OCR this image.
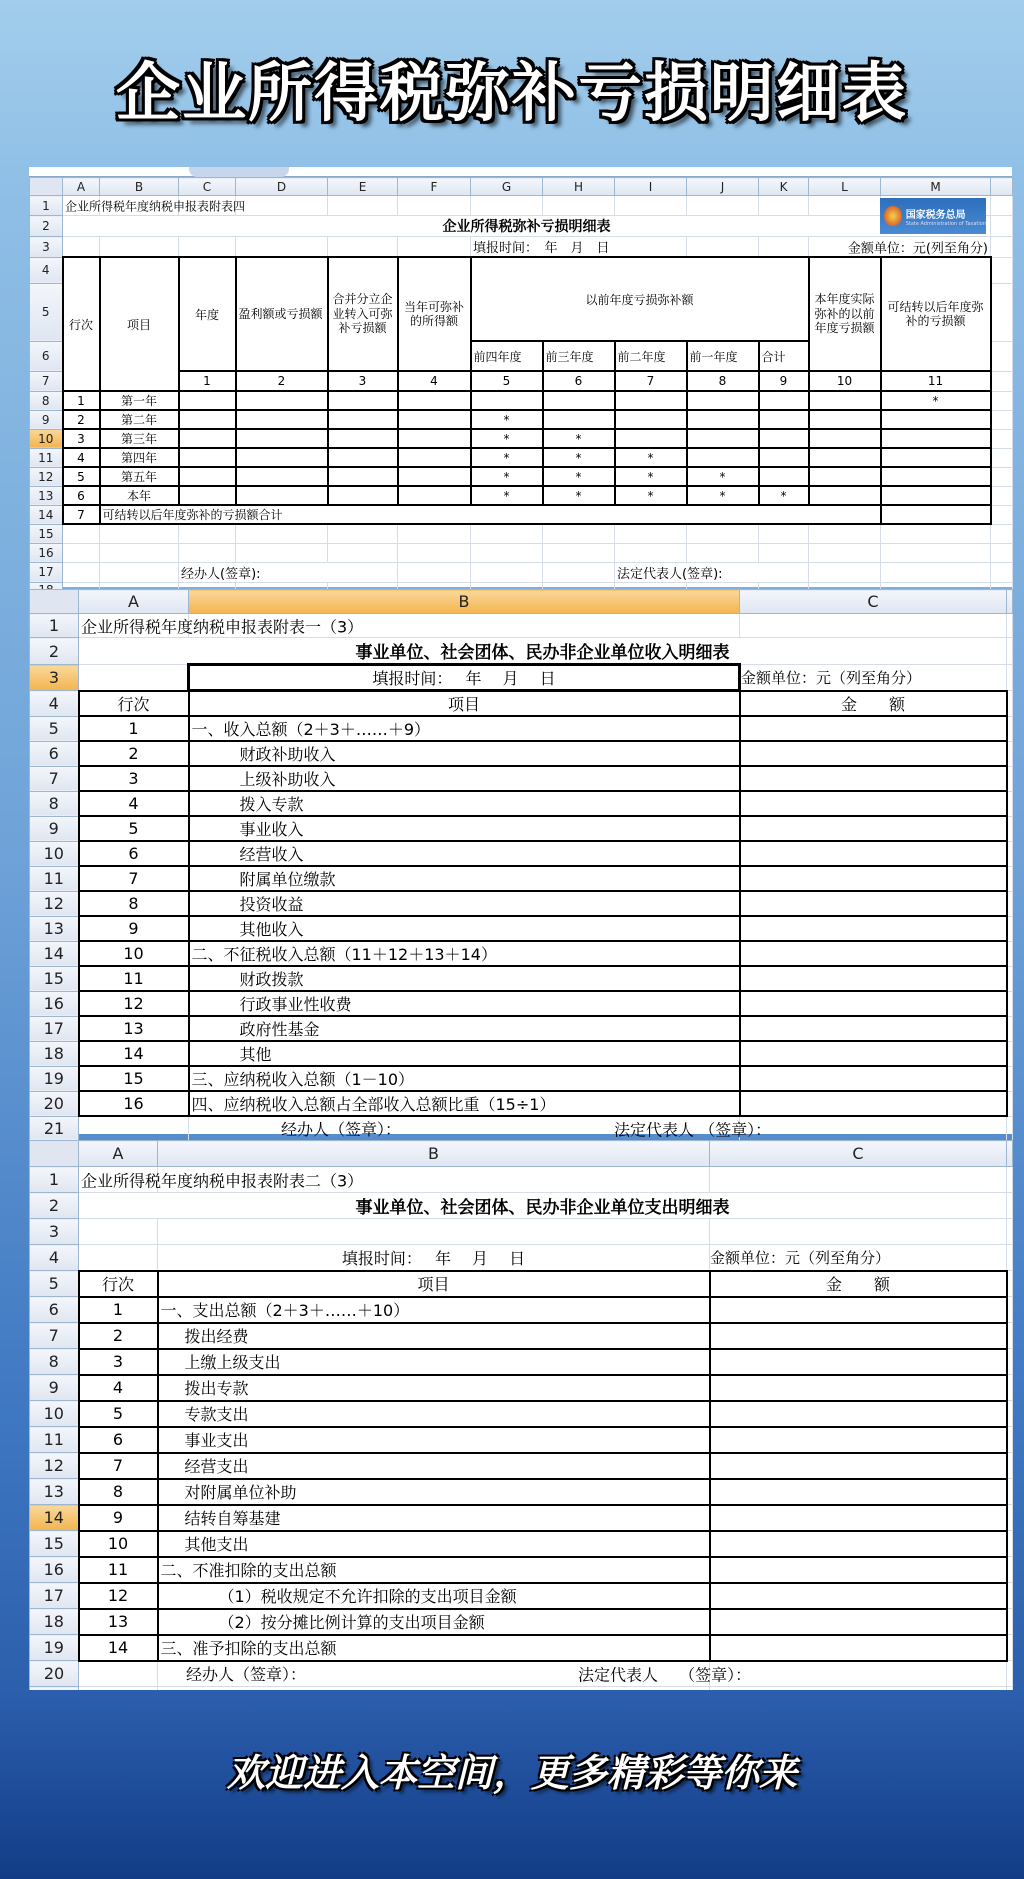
企业所得税弥补亏损明细表
	A	B	C	D	E	F	G	H	I	J	K	L	M	
1	企业所得税年度纳税申报表附表四												国家税务总局
State Administration of Taxation	

2	企业所得税弥补亏损明细表													
3							填报时间：　年　月　日					金额单位：元(列至角分)		

4	行次	项目	年度	盈利额或亏损额	合并分立企业转入可弥补亏损额	当年可弥补的所得额	以前年度亏损弥补额					本年度实际弥补的以前年度亏损额	可结转以后年度弥补的亏损额	
5														
6							前四年度	前三年度	前二年度	前一年度	合计			
7			1	2	3	4	5	6	7	8	9	10	11	
8	1	第一年											*	
9	2	第二年					*							
10	3	第三年					*	*						
11	4	第四年					*	*	*					
12	5	第五年					*	*	*	*				
13	6	本年					*	*	*	*	*			
14	7	可结转以后年度弥补的亏损额合计												
15														
16														
17			经办人(签章):						法定代表人(签章):					

	A	B	C	
1	企业所得税年度纳税申报表附表一（3）			

2	事业单位、社会团体、民办非企业单位收入明细表			
3		填报时间：　 年　 月　 日	金额单位：元（列至角分）	
4	行次	项目	金　　额	
5	1	一、收入总额（2＋3＋……＋9）		
6	2	财政补助收入		
7	3	上级补助收入		
8	4	拨入专款		
9	5	事业收入		
10	6	经营收入		
11	7	附属单位缴款		
12	8	投资收益		
13	9	其他收入		
14	10	二、不征税收入总额（11＋12＋13＋14）		
15	11	财政拨款		
16	12	行政事业性收费		
17	13	政府性基金		
18	14	其他		
19	15	三、应纳税收入总额（1－10）		
20	16	四、应纳税收入总额占全部收入总额比重（15÷1）		
21		经办人（签章）： 法定代表人 （签章）：		

	A	B	C	
1	企业所得税年度纳税申报表附表二（3）			

2	事业单位、社会团体、民办非企业单位支出明细表			
3				
4		填报时间：　 年　 月　 日	金额单位：元（列至角分）	
5	行次	项目	金　　额	
6	1	一、支出总额（2＋3＋……＋10）		
7	2	拨出经费		
8	3	上缴上级支出		
9	4	拨出专款		
10	5	专款支出		
11	6	事业支出		
12	7	经营支出		
13	8	对附属单位补助		
14	9	结转自筹基建		
15	10	其他支出		
16	11	二、不准扣除的支出总额		
17	12	（1）税收规定不允许扣除的支出项目金额		
18	13	（2）按分摊比例计算的支出项目金额		
19	14	三、准予扣除的支出总额		
20		经办人（签章）： 法定代表人　 （签章）：		

欢迎进入本空间，更多精彩等你来
